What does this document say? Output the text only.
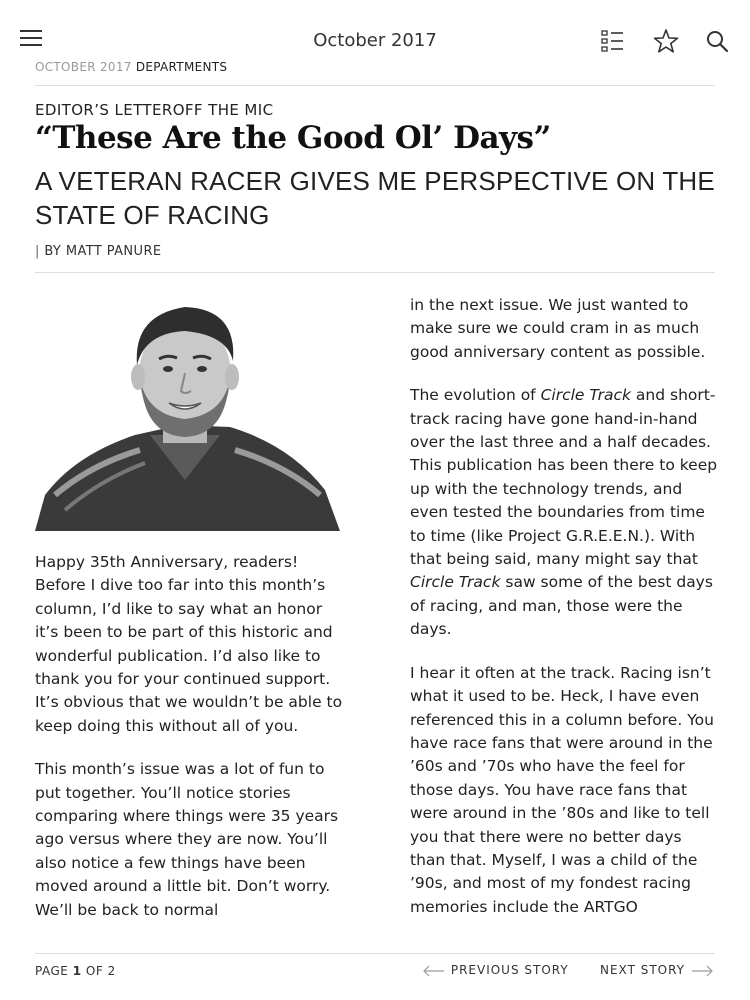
October 2017
OCTOBER 2017 DEPARTMENTS
EDITOR’S LETTEROFF THE MIC
“These Are the Good Ol’ Days”
A VETERAN RACER GIVES ME PERSPECTIVE ON THE STATE OF RACING
| BY MATT PANURE

Happy 35th Anniversary, readers! Before I dive too far into this month’s column, I’d like to say what an honor it’s been to be part of this historic and wonderful publication. I’d also like to thank you for your continued support. It’s obvious that we wouldn’t be able to keep doing this without all of you.

This month’s issue was a lot of fun to put together. You’ll notice stories comparing where things were 35 years ago versus where they are now. You’ll also notice a few things have been moved around a little bit. Don’t worry. We’ll be back to normal

in the next issue. We just wanted to make sure we could cram in as much good anniversary content as possible.

The evolution of Circle Track and short-track racing have gone hand-in-hand over the last three and a half decades. This publication has been there to keep up with the technology trends, and even tested the boundaries from time to time (like Project G.R.E.E.N.). With that being said, many might say that Circle Track saw some of the best days of racing, and man, those were the days.

I hear it often at the track. Racing isn’t what it used to be. Heck, I have even referenced this in a column before. You have race fans that were around in the ’60s and ’70s who have the feel for those days. You have race fans that were around in the ’80s and like to tell you that there were no better days than that. Myself, I was a child of the ’90s, and most of my fondest racing memories include the ARTGO

PAGE 1 OF 2	PREVIOUS STORY	NEXT STORY
